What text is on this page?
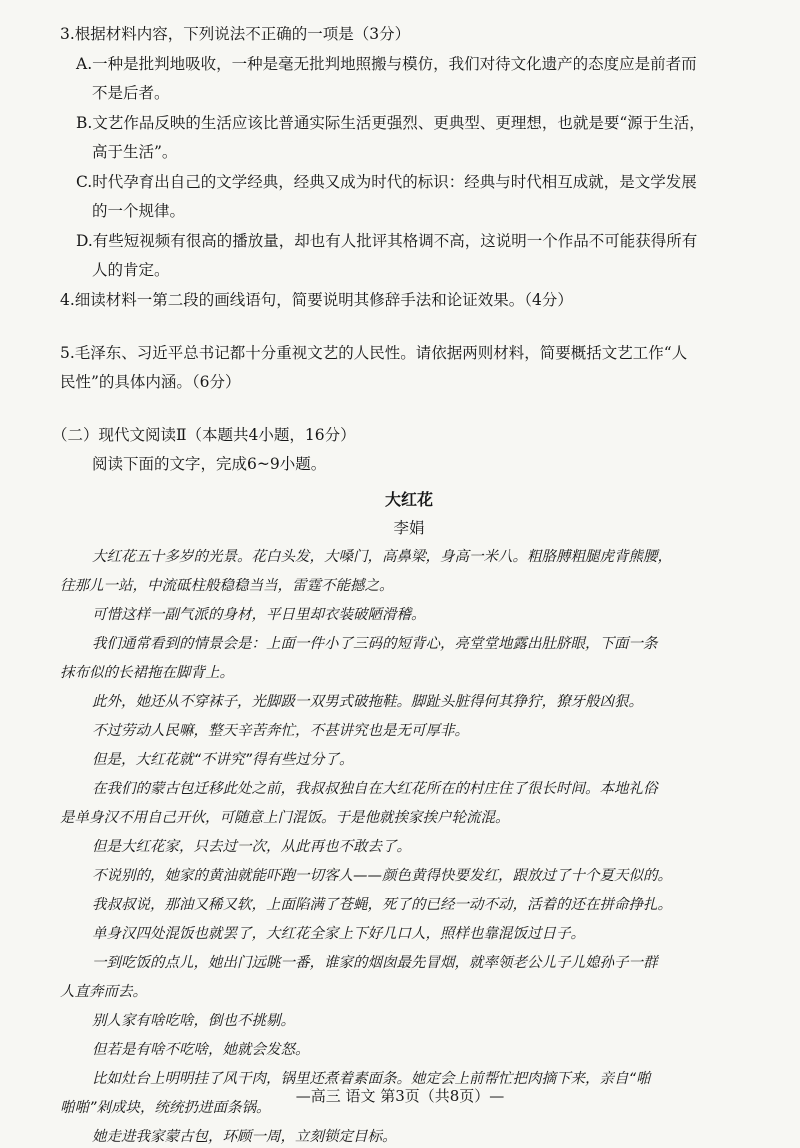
3.根据材料内容，下列说法不正确的一项是（3分）
A.一种是批判地吸收，一种是毫无批判地照搬与模仿，我们对待文化遗产的态度应是前者而
不是后者。
B.文艺作品反映的生活应该比普通实际生活更强烈、更典型、更理想，也就是要“源于生活，
高于生活”。
C.时代孕育出自己的文学经典，经典又成为时代的标识：经典与时代相互成就，是文学发展
的一个规律。
D.有些短视频有很高的播放量，却也有人批评其格调不高，这说明一个作品不可能获得所有
人的肯定。
4.细读材料一第二段的画线语句，简要说明其修辞手法和论证效果。（4分）
5.毛泽东、习近平总书记都十分重视文艺的人民性。请依据两则材料，简要概括文艺工作“人
民性”的具体内涵。（6分）
（二）现代文阅读Ⅱ（本题共4小题，16分）
阅读下面的文字，完成6~9小题。
大红花
李娟
大红花五十多岁的光景。花白头发，大嗓门，高鼻梁，身高一米八。粗胳膊粗腿虎背熊腰，
往那儿一站，中流砥柱般稳稳当当，雷霆不能撼之。
可惜这样一副气派的身材，平日里却衣装破陋滑稽。
我们通常看到的情景会是：上面一件小了三码的短背心，亮堂堂地露出肚脐眼，下面一条
抹布似的长裙拖在脚背上。
此外，她还从不穿袜子，光脚趿一双男式破拖鞋。脚趾头脏得何其狰狞，獠牙般凶狠。
不过劳动人民嘛，整天辛苦奔忙，不甚讲究也是无可厚非。
但是，大红花就“不讲究”得有些过分了。
在我们的蒙古包迁移此处之前，我叔叔独自在大红花所在的村庄住了很长时间。本地礼俗
是单身汉不用自己开伙，可随意上门混饭。于是他就挨家挨户轮流混。
但是大红花家，只去过一次，从此再也不敢去了。
不说别的，她家的黄油就能吓跑一切客人——颜色黄得快要发红，跟放过了十个夏天似的。
我叔叔说，那油又稀又软，上面陷满了苍蝇，死了的已经一动不动，活着的还在拼命挣扎。
单身汉四处混饭也就罢了，大红花全家上下好几口人，照样也靠混饭过日子。
一到吃饭的点儿，她出门远眺一番，谁家的烟囱最先冒烟，就率领老公儿子儿媳孙子一群
人直奔而去。
别人家有啥吃啥，倒也不挑剔。
但若是有啥不吃啥，她就会发怒。
比如灶台上明明挂了风干肉，锅里还煮着素面条。她定会上前帮忙把肉摘下来，亲自“啪
啪啪”剁成块，统统扔进面条锅。
她走进我家蒙古包，环顾一周，立刻锁定目标。
—高三 语文 第3页（共8页）—
